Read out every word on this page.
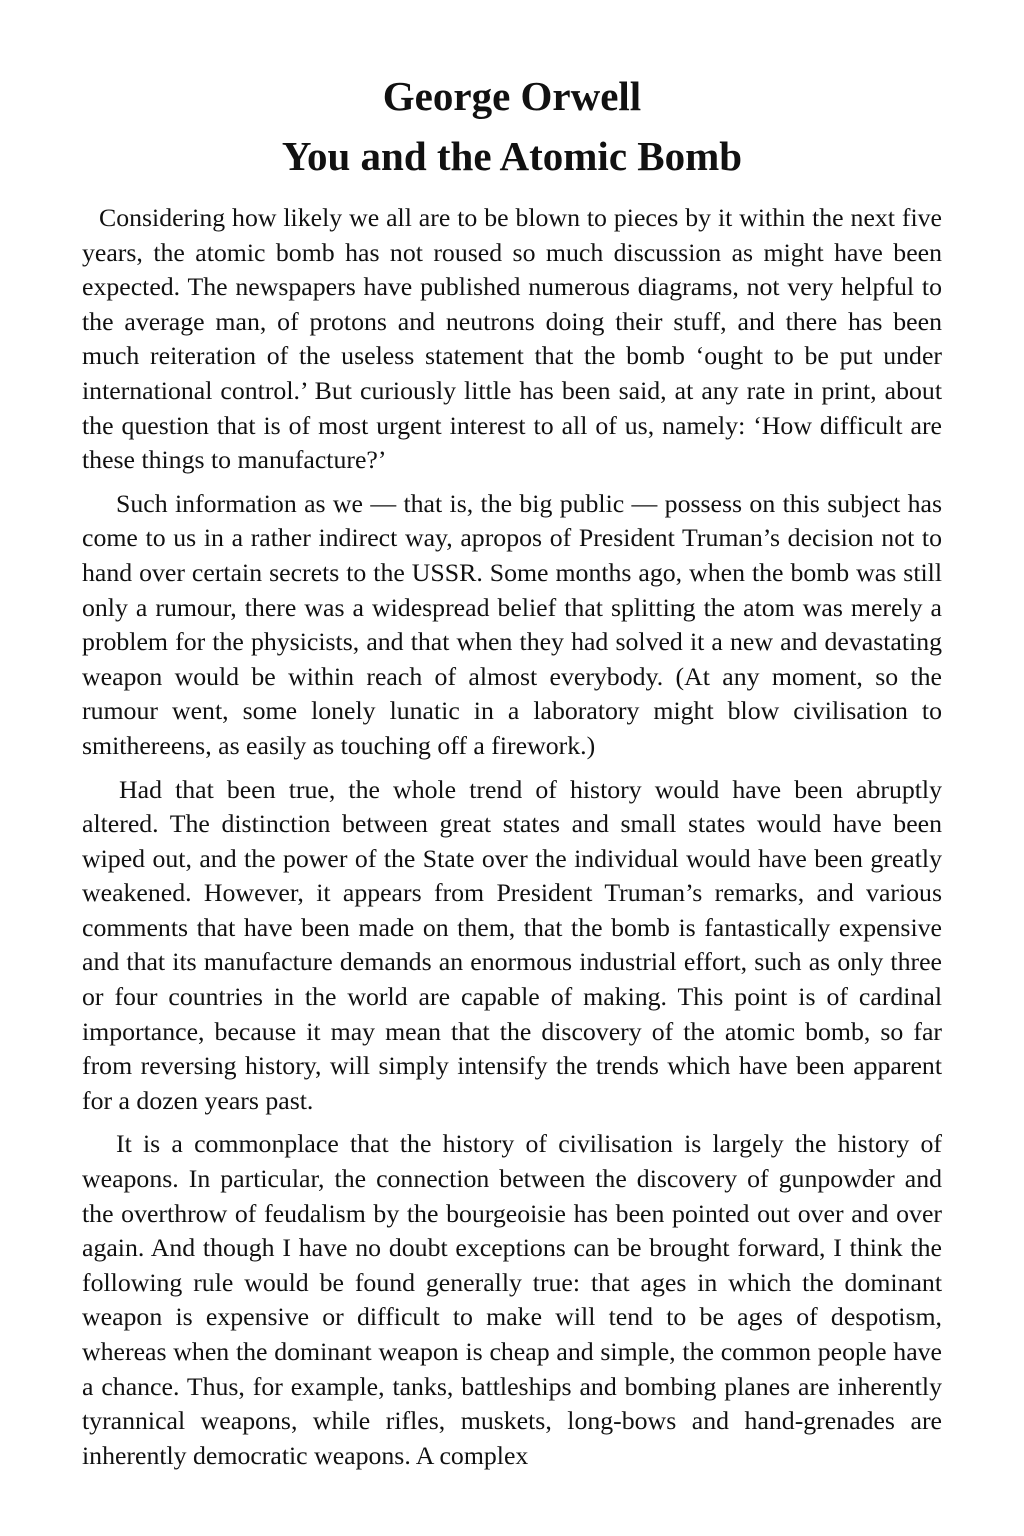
George Orwell
You and the Atomic Bomb

Considering how likely we all are to be blown to pieces by it within the next five years, the atomic bomb has not roused so much discussion as might have been expected. The newspapers have published numerous diagrams, not very helpful to the average man, of protons and neutrons doing their stuff, and there has been much reiteration of the useless statement that the bomb ‘ought to be put under international control.’ But curiously little has been said, at any rate in print, about the question that is of most urgent interest to all of us, namely: ‘How difficult are these things to manufacture?’

Such information as we — that is, the big public — possess on this subject has come to us in a rather indirect way, apropos of President Truman’s decision not to hand over certain secrets to the USSR. Some months ago, when the bomb was still only a rumour, there was a widespread belief that splitting the atom was merely a problem for the physicists, and that when they had solved it a new and devastating weapon would be within reach of almost everybody. (At any moment, so the rumour went, some lonely lunatic in a laboratory might blow civilisation to smithereens, as easily as touching off a firework.)

Had that been true, the whole trend of history would have been abruptly altered. The distinction between great states and small states would have been wiped out, and the power of the State over the individual would have been greatly weakened. However, it appears from President Truman’s remarks, and various comments that have been made on them, that the bomb is fantastically expensive and that its manufacture demands an enormous industrial effort, such as only three or four countries in the world are capable of making. This point is of cardinal importance, because it may mean that the discovery of the atomic bomb, so far from reversing history, will simply intensify the trends which have been apparent for a dozen years past.

It is a commonplace that the history of civilisation is largely the history of weapons. In particular, the connection between the discovery of gunpowder and the overthrow of feudalism by the bourgeoisie has been pointed out over and over again. And though I have no doubt exceptions can be brought forward, I think the following rule would be found generally true: that ages in which the dominant weapon is expensive or difficult to make will tend to be ages of despotism, whereas when the dominant weapon is cheap and simple, the common people have a chance. Thus, for example, tanks, battleships and bombing planes are inherently tyrannical weapons, while rifles, muskets, long-bows and hand-grenades are inherently democratic weapons. A complex
